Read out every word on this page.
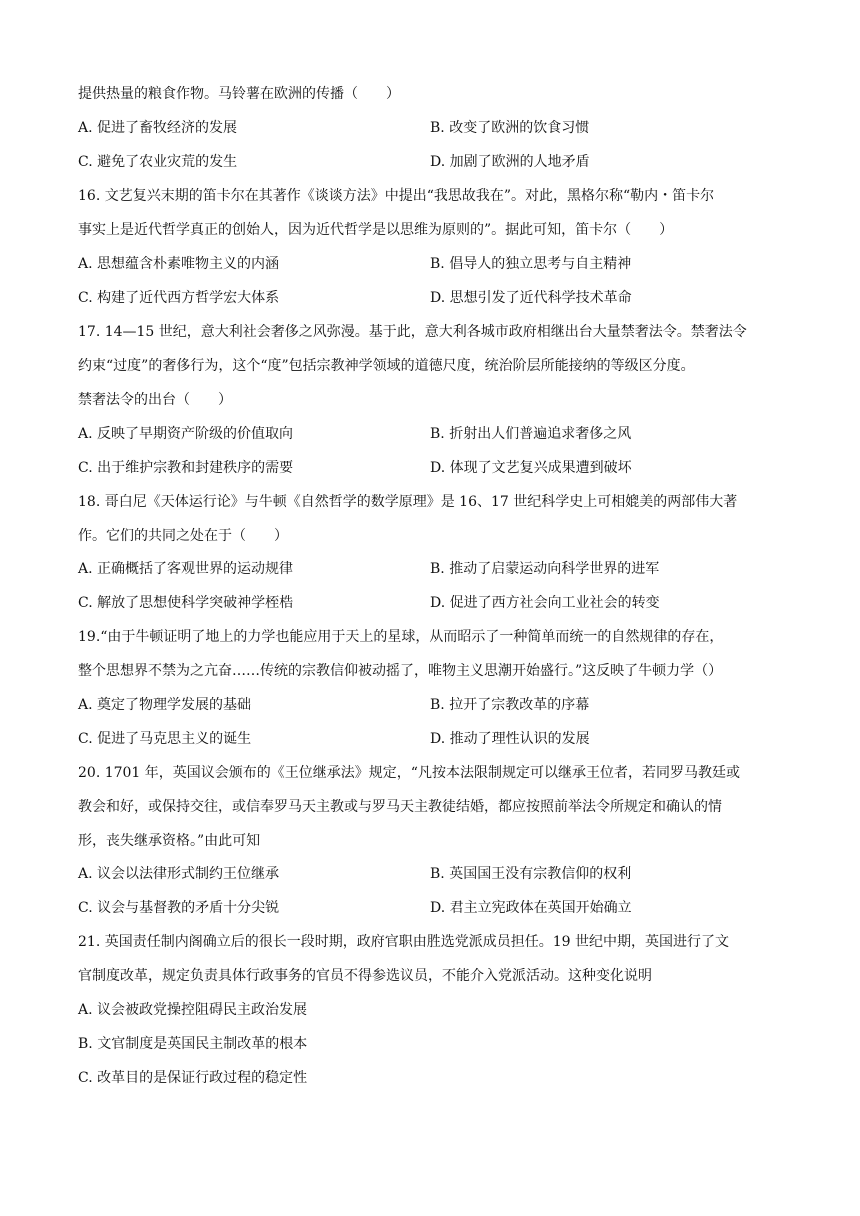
提供热量的粮食作物。马铃薯在欧洲的传播（　　）
A. 促进了畜牧经济的发展	B. 改变了欧洲的饮食习惯
C. 避免了农业灾荒的发生	D. 加剧了欧洲的人地矛盾
16. 文艺复兴末期的笛卡尔在其著作《谈谈方法》中提出“我思故我在”。对此，黑格尔称“勒内・笛卡尔
事实上是近代哲学真正的创始人，因为近代哲学是以思维为原则的”。据此可知，笛卡尔（　　）
A. 思想蕴含朴素唯物主义的内涵	B. 倡导人的独立思考与自主精神
C. 构建了近代西方哲学宏大体系	D. 思想引发了近代科学技术革命
17. 14—15 世纪，意大利社会奢侈之风弥漫。基于此，意大利各城市政府相继出台大量禁奢法令。禁奢法令
约束“过度”的奢侈行为，这个“度”包括宗教神学领域的道德尺度，统治阶层所能接纳的等级区分度。
禁奢法令的出台（　　）
A. 反映了早期资产阶级的价值取向	B. 折射出人们普遍追求奢侈之风
C. 出于维护宗教和封建秩序的需要	D. 体现了文艺复兴成果遭到破坏
18. 哥白尼《天体运行论》与牛顿《自然哲学的数学原理》是 16、17 世纪科学史上可相媲美的两部伟大著
作。它们的共同之处在于（　　）
A. 正确概括了客观世界的运动规律	B. 推动了启蒙运动向科学世界的进军
C. 解放了思想使科学突破神学桎梏	D. 促进了西方社会向工业社会的转变
19.“由于牛顿证明了地上的力学也能应用于天上的星球，从而昭示了一种简单而统一的自然规律的存在，
整个思想界不禁为之亢奋……传统的宗教信仰被动摇了，唯物主义思潮开始盛行。”这反映了牛顿力学（）
A. 奠定了物理学发展的基础	B. 拉开了宗教改革的序幕
C. 促进了马克思主义的诞生	D. 推动了理性认识的发展
20. 1701 年，英国议会颁布的《王位继承法》规定，“凡按本法限制规定可以继承王位者，若同罗马教廷或
教会和好，或保持交往，或信奉罗马天主教或与罗马天主教徒结婚，都应按照前举法令所规定和确认的情
形，丧失继承资格。”由此可知
A. 议会以法律形式制约王位继承	B. 英国国王没有宗教信仰的权利
C. 议会与基督教的矛盾十分尖锐	D. 君主立宪政体在英国开始确立
21. 英国责任制内阁确立后的很长一段时期，政府官职由胜选党派成员担任。19 世纪中期，英国进行了文
官制度改革，规定负责具体行政事务的官员不得参选议员，不能介入党派活动。这种变化说明
A. 议会被政党操控阻碍民主政治发展
B. 文官制度是英国民主制改革的根本
C. 改革目的是保证行政过程的稳定性
